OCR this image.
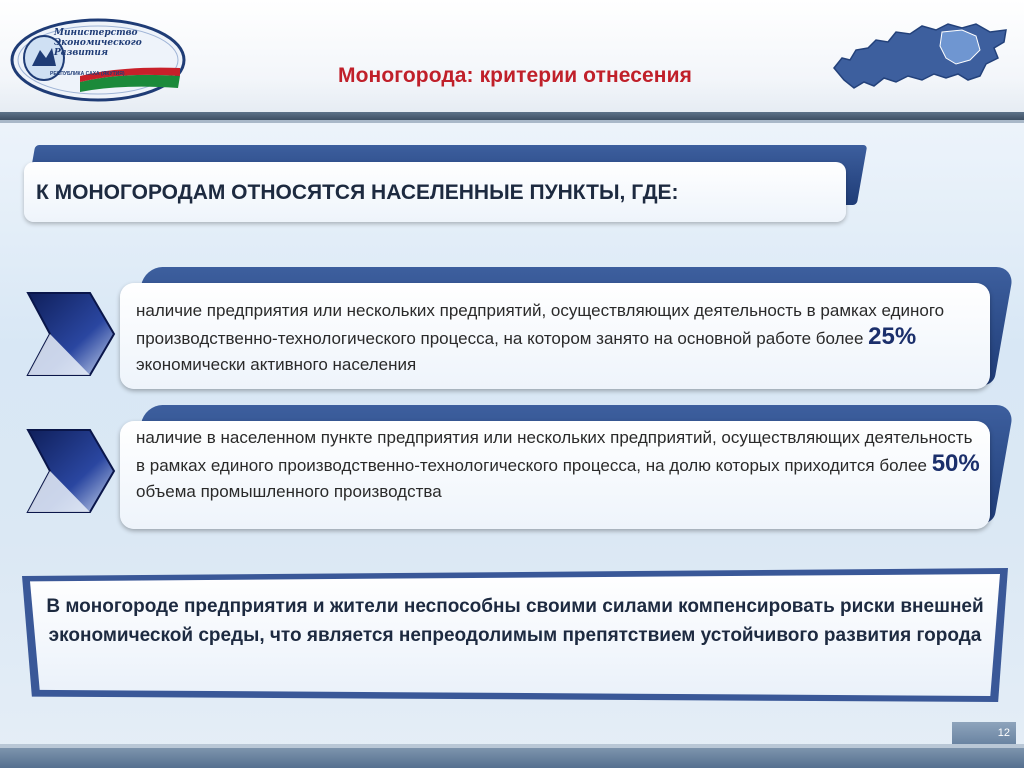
Министерство
Экономического
Развития
РЕСПУБЛИКА САХА (ЯКУТИЯ)	Моногорода: критерии отнесения
К МОНОГОРОДАМ ОТНОСЯТСЯ НАСЕЛЕННЫЕ ПУНКТЫ, ГДЕ:
наличие предприятия или нескольких предприятий, осуществляющих деятельность в рамках единого производственно-технологического процесса, на котором занято на основной работе более 25% экономически активного населения
наличие в населенном пункте предприятия или нескольких предприятий, осуществляющих деятельность в рамках единого производственно-технологического процесса, на долю которых приходится более 50% объема промышленного производства
В моногороде предприятия и жители неспособны своими силами компенсировать риски внешней экономической среды, что является непреодолимым препятствием устойчивого развития города
12
